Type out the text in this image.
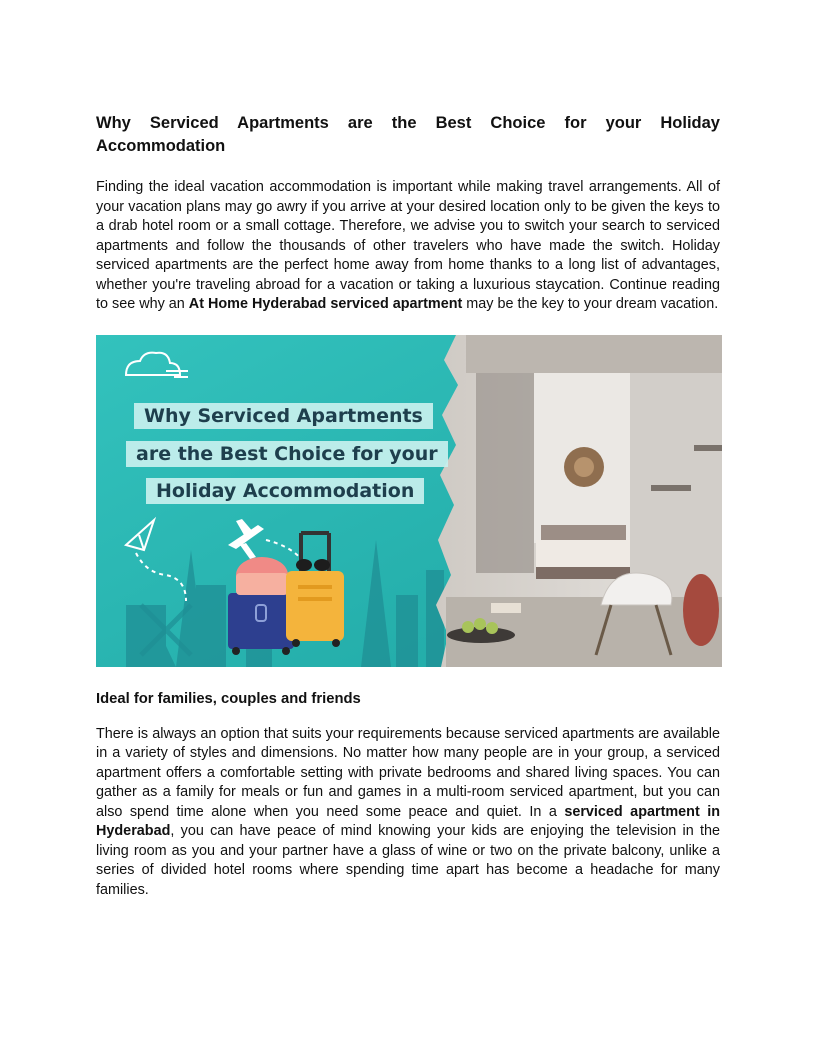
Why Serviced Apartments are the Best Choice for your Holiday
Accommodation

Finding the ideal vacation accommodation is important while making travel arrangements. All of your vacation plans may go awry if you arrive at your desired location only to be given the keys to a drab hotel room or a small cottage. Therefore, we advise you to switch your search to serviced apartments and follow the thousands of other travelers who have made the switch. Holiday serviced apartments are the perfect home away from home thanks to a long list of advantages, whether you're traveling abroad for a vacation or taking a luxurious staycation. Continue reading to see why an At Home Hyderabad serviced apartment may be the key to your dream vacation.

Why Serviced Apartments
are the Best Choice for your
Holiday Accommodation
Ideal for families, couples and friends

There is always an option that suits your requirements because serviced apartments are available in a variety of styles and dimensions. No matter how many people are in your group, a serviced apartment offers a comfortable setting with private bedrooms and shared living spaces. You can gather as a family for meals or fun and games in a multi-room serviced apartment, but you can also spend time alone when you need some peace and quiet. In a serviced apartment in Hyderabad, you can have peace of mind knowing your kids are enjoying the television in the living room as you and your partner have a glass of wine or two on the private balcony, unlike a series of divided hotel rooms where spending time apart has become a headache for many families.
